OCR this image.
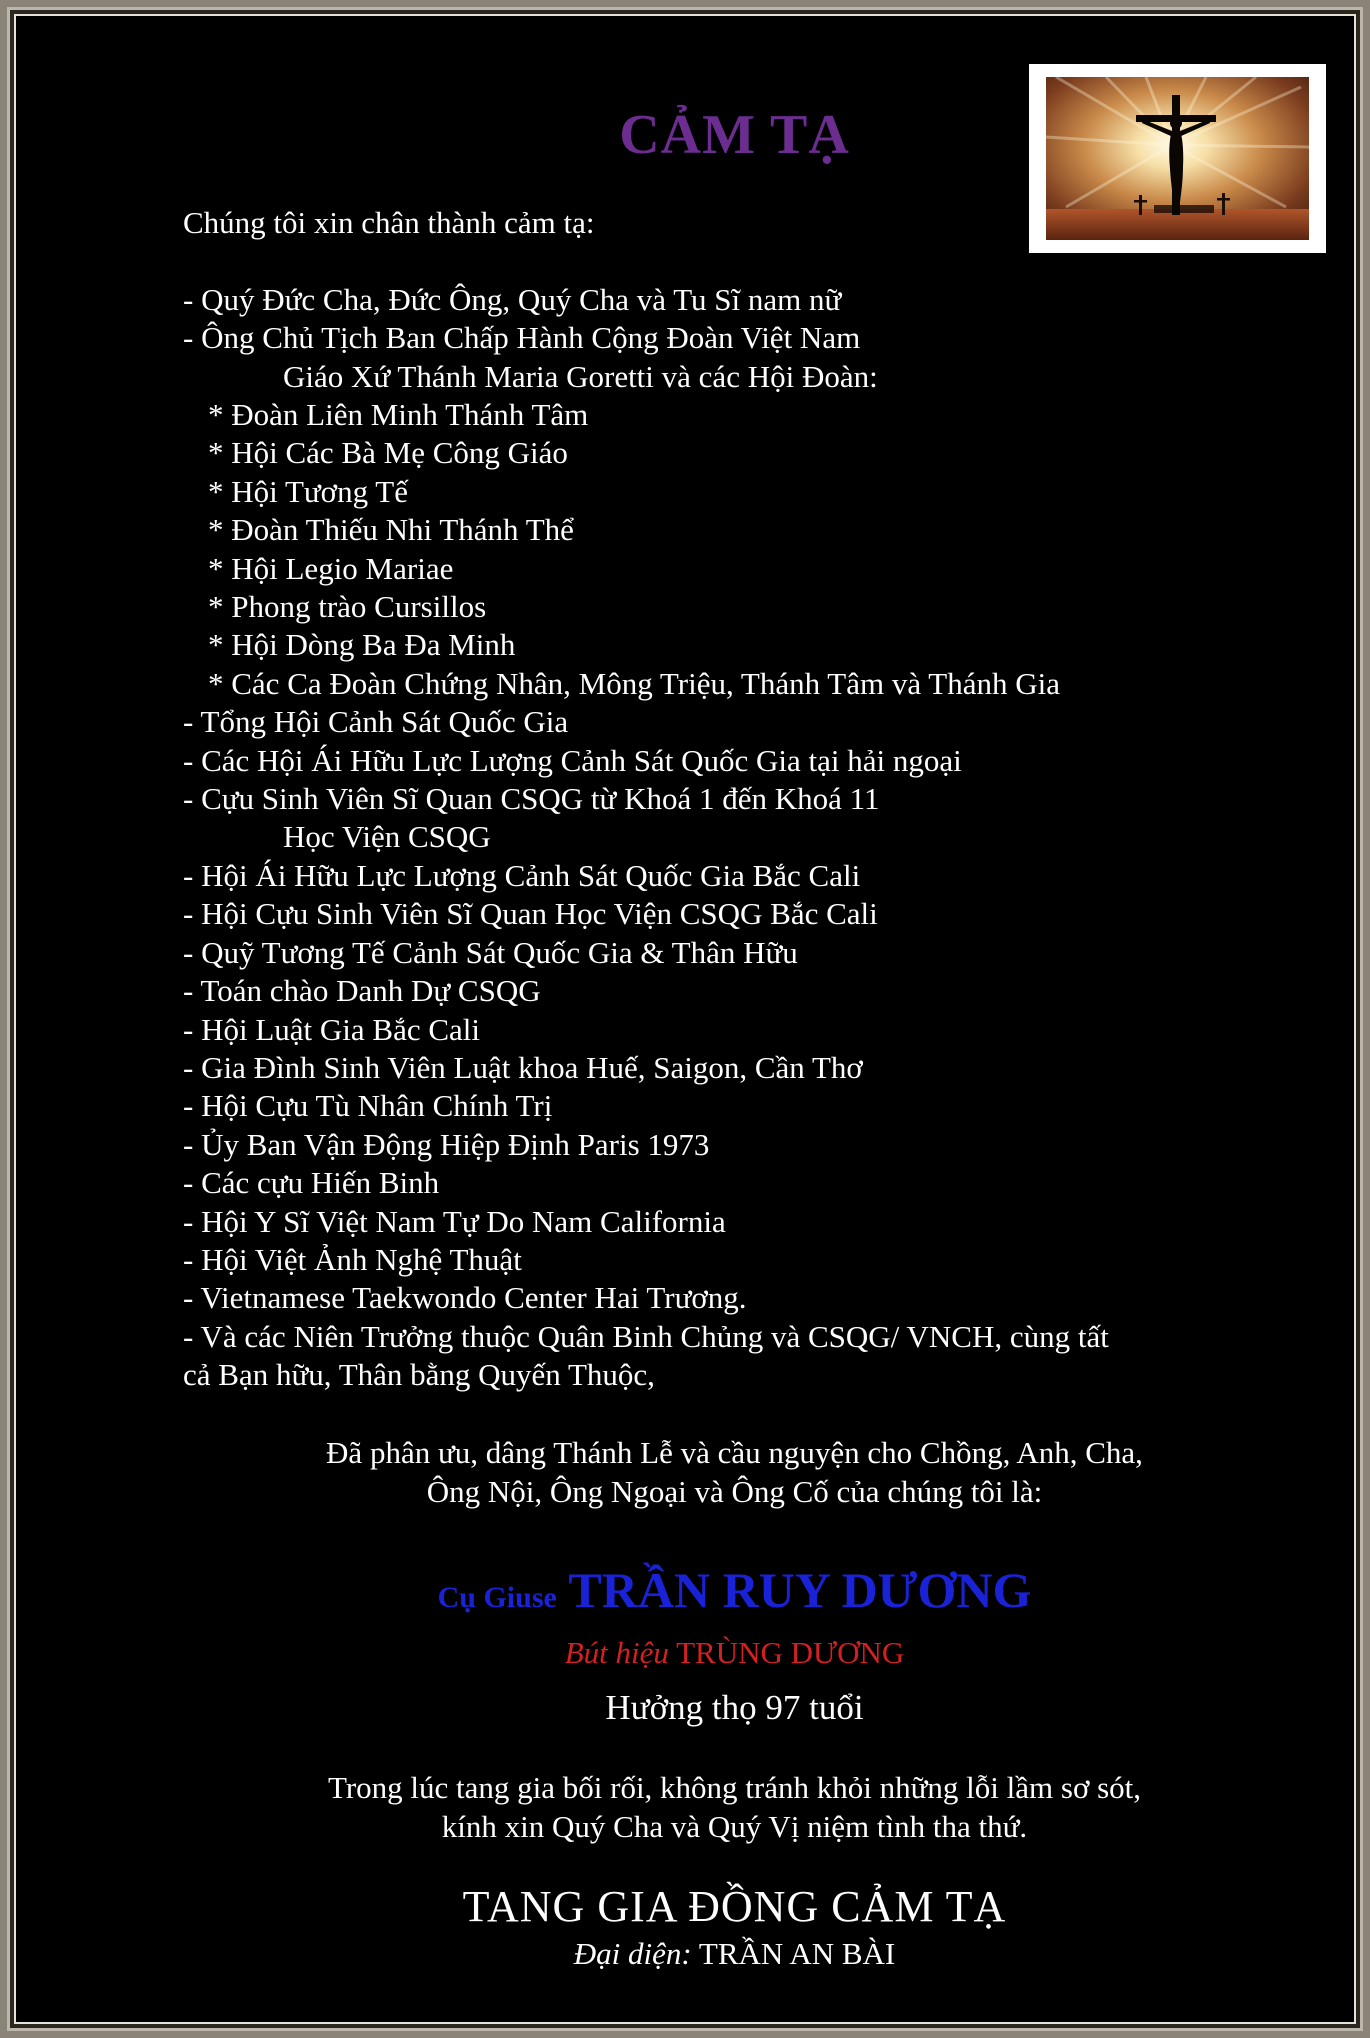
CẢM TẠ
Chúng tôi xin chân thành cảm tạ:
- Quý Đức Cha, Đức Ông, Quý Cha và Tu Sĩ nam nữ
- Ông Chủ Tịch Ban Chấp Hành Cộng Đoàn Việt Nam
Giáo Xứ Thánh Maria Goretti và các Hội Đoàn:
* Đoàn Liên Minh Thánh Tâm
* Hội Các Bà Mẹ Công Giáo
* Hội Tương Tế
* Đoàn Thiếu Nhi Thánh Thể
* Hội Legio Mariae
* Phong trào Cursillos
* Hội Dòng Ba Đa Minh
* Các Ca Đoàn Chứng Nhân, Mông Triệu, Thánh Tâm và Thánh Gia
- Tổng Hội Cảnh Sát Quốc Gia
- Các Hội Ái Hữu Lực Lượng Cảnh Sát Quốc Gia tại hải ngoại
- Cựu Sinh Viên Sĩ Quan CSQG từ Khoá 1 đến Khoá 11
Học Viện CSQG
- Hội Ái Hữu Lực Lượng Cảnh Sát Quốc Gia Bắc Cali
- Hội Cựu Sinh Viên Sĩ Quan Học Viện CSQG Bắc Cali
- Quỹ Tương Tế Cảnh Sát Quốc Gia & Thân Hữu
- Toán chào Danh Dự CSQG
- Hội Luật Gia Bắc Cali
- Gia Đình Sinh Viên Luật khoa Huế, Saigon, Cần Thơ
- Hội Cựu Tù Nhân Chính Trị
- Ủy Ban Vận Động Hiệp Định Paris 1973
- Các cựu Hiến Binh
- Hội Y Sĩ Việt Nam Tự Do Nam California
- Hội Việt Ảnh Nghệ Thuật
- Vietnamese Taekwondo Center Hai Trương.
- Và các Niên Trưởng thuộc Quân Binh Chủng và CSQG/ VNCH, cùng tất
cả Bạn hữu, Thân bằng Quyến Thuộc,
Đã phân ưu, dâng Thánh Lễ và cầu nguyện cho Chồng, Anh, Cha,
Ông Nội, Ông Ngoại và Ông Cố của chúng tôi là:
Cụ Giuse TRẦN RUY DƯƠNG
Bút hiệu TRÙNG DƯƠNG
Hưởng thọ 97 tuổi
Trong lúc tang gia bối rối, không tránh khỏi những lỗi lầm sơ sót,
kính xin Quý Cha và Quý Vị niệm tình tha thứ.
TANG GIA ĐỒNG CẢM TẠ
Đại diện: TRẦN AN BÀI
